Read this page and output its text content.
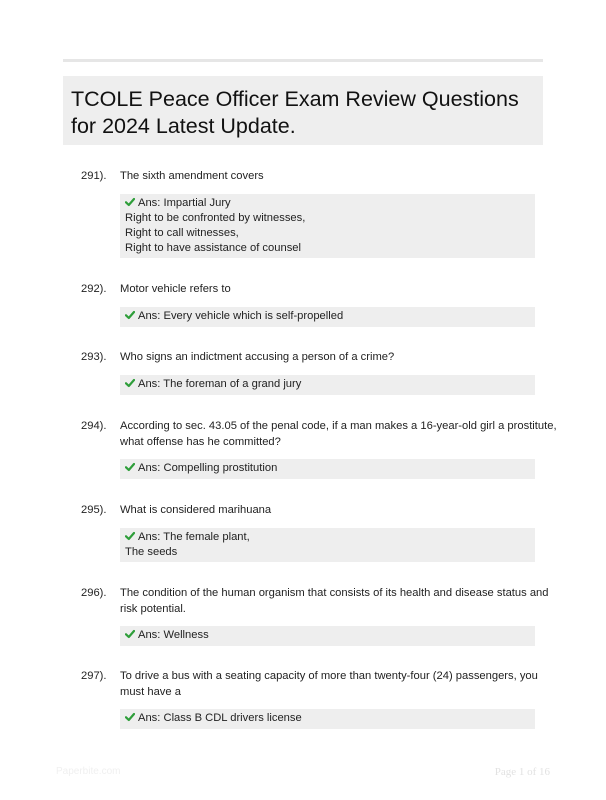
TCOLE Peace Officer Exam Review Questions for 2024 Latest Update.
291). The sixth amendment covers
Ans: Impartial Jury
Right to be confronted by witnesses,
Right to call witnesses,
Right to have assistance of counsel
292). Motor vehicle refers to
Ans: Every vehicle which is self-propelled
293). Who signs an indictment accusing a person of a crime?
Ans: The foreman of a grand jury
294). According to sec. 43.05 of the penal code, if a man makes a 16-year-old girl a prostitute,
what offense has he committed?
Ans: Compelling prostitution
295). What is considered marihuana
Ans: The female plant,
The seeds
296). The condition of the human organism that consists of its health and disease status and
risk potential.
Ans: Wellness
297). To drive a bus with a seating capacity of more than twenty-four (24) passengers, you
must have a
Ans: Class B CDL drivers license
Paperbite.com	Page 1 of 16
